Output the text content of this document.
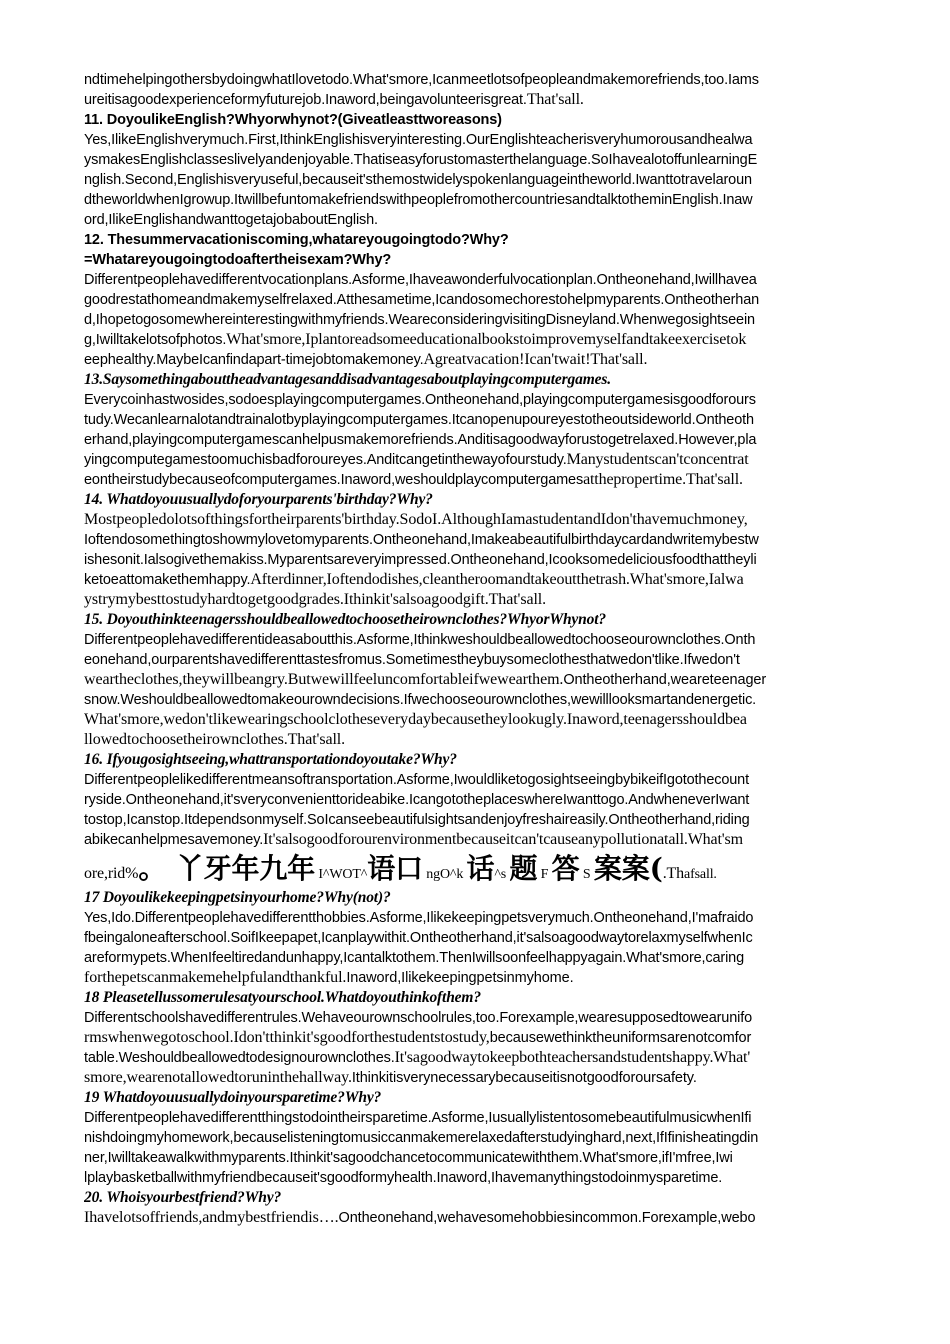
ndtimehelpingothersbydoingwhatIlovetodo.What'smore,Icanmeetlotsofpeopleandmakemorefriends,too.Iams
ureitisagoodexperienceformyfuturejob.Inaword,beingavolunteerisgreat.That'sall.
11. DoyoulikeEnglish?Whyorwhynot?(Giveatleasttworeasons)
Yes,IlikeEnglishverymuch.First,IthinkEnglishisveryinteresting.OurEnglishteacherisveryhumorousandhealwa
ysmakesEnglishclasseslivelyandenjoyable.Thatiseasyforustomasterthelanguage.SoIhavealotoffunlearningE
nglish.Second,Englishisveryuseful,becauseit'sthemostwidelyspokenlanguageintheworld.Iwanttotravelaroun
dtheworldwhenIgrowup.ItwillbefuntomakefriendswithpeoplefromothercountriesandtalktotheminEnglish.Inaw
ord,IlikeEnglishandwanttogetajobaboutEnglish.
12. Thesummervacationiscoming,whatareyougoingtodo?Why?
=Whatareyougoingtodoaftertheisexam?Why?
Differentpeoplehavedifferentvocationplans.Asforme,Ihaveawonderfulvocationplan.Ontheonehand,Iwillhavea
goodrestathomeandmakemyselfrelaxed.Atthesametime,Icandosomechorestohelpmyparents.Ontheotherhan
d,Ihopetogosomewhereinterestingwithmyfriends.WeareconsideringvisitingDisneyland.Whenwegosightseein
g,Iwilltakelotsofphotos.What'smore,Iplantoreadsomeeducationalbookstoimprovemyselfandtakeexercisetok
eephealthy.MaybeIcanfindapart-timejobtomakemoney.Agreatvacation!Ican'twait!That'sall.
13.Saysomethingabouttheadvantagesanddisadvantagesaboutplayingcomputergames.
Everycoinhastwosides,sodoesplayingcomputergames.Ontheonehand,playingcomputergamesisgoodforours
tudy.Wecanlearnalotandtrainalotbyplayingcomputergames.Itcanopenupoureyestotheoutsideworld.Ontheoth
erhand,playingcomputergamescanhelpusmakemorefriends.Anditisagoodwayforustogetrelaxed.However,pla
yingcomputegamestoomuchisbadforoureyes.Anditcangetinthewayofourstudy.Manystudentscan'tconcentrat
eontheirstudybecauseofcomputergames.Inaword,weshouldplaycomputergamesatthepropertime.That'sall.
14. Whatdoyouusuallydoforyourparents'birthday?Why?
Mostpeopledolotsofthingsfortheirparents'birthday.SodoI.AlthoughIamastudentandIdon'thavemuchmoney,
Ioftendosomethingtoshowmylovetomyparents.Ontheonehand,Imakeabeautifulbirthdaycardandwritemybestw
ishesonit.Ialsogivethemakiss.Myparentsareveryimpressed.Ontheonehand,Icooksomedeliciousfoodthattheyli
ketoeattomakethemhappy.Afterdinner,Ioftendodishes,cleantheroomandtakeoutthetrash.What'smore,Ialwa
ystrymybesttostudyhardtogetgoodgrades.Ithinkit'salsoagoodgift.That'sall.
15. Doyouthinkteenagersshouldbeallowedtochoosetheirownclothes?WhyorWhynot?
Differentpeoplehavedifferentideasaboutthis.Asforme,Ithinkweshouldbeallowedtochooseourownclothes.Onth
eonehand,ourparentshavedifferenttastesfromus.Sometimestheybuysomeclothesthatwedon'tlike.Ifwedon't
weartheclothes,theywillbeangry.Butwewillfeeluncomfortableifwewearthem.Ontheotherhand,weareteenager
snow.Weshouldbeallowedtomakeourowndecisions.Ifwechooseourownclothes,wewilllooksmartandenergetic.
What'smore,wedon'tlikewearingschoolclotheseverydaybecausetheylookugly.Inaword,teenagersshouldbea
llowedtochoosetheirownclothes.That'sall.
16. Ifyougosightseeing,whattransportationdoyoutake?Why?
Differentpeoplelikedifferentmeansoftransportation.Asforme,IwouldliketogosightseeingbybikeifIgotothecount
ryside.Ontheonehand,it'sveryconvenienttorideabike.IcangototheplaceswhereIwanttogo.AndwheneverIwant
tostop,Icanstop.Itdependsonmyself.SoIcanseebeautifulsightsandenjoyfreshaireasily.Ontheotherhand,riding
abikecanhelpmesavemoney.It'salsogoodforourenvironmentbecauseitcan'tcauseanypollutionatall.What'sm
ore,rid%。 丫牙年九年 I^WOT^语口 ngO^k 话^s 题 F 答 S 案案(.Thafsall.
17 Doyoulikekeepingpetsinyourhome?Why(not)?
Yes,Ido.Differentpeoplehavedifferentthobbies.Asforme,Ilikekeepingpetsverymuch.Ontheonehand,I'mafraido
fbeingaloneafterschool.SoifIkeepapet,Icanplaywithit.Ontheotherhand,it'salsoagoodwaytorelaxmyselfwhenIc
areformypets.WhenIfeeltiredandunhappy,Icantalktothem.ThenIwillsoonfeelhappyagain.What'smore,caring
forthepetscanmakemehelpfulandthankful.Inaword,Ilikekeepingpetsinmyhome.
18 Pleasetellussomerulesatyourschool.Whatdoyouthinkofthem?
Differentschoolshavedifferentrules.Wehaveourownschoolrules,too.Forexample,wearesupposedtowearunifo
rmswhenwegotoschool.Idon'tthinkit'sgoodforthestudentstostudy,becausewethinktheuniformsarenotcomfor
table.Weshouldbeallowedtodesignourownclothes.It'sagoodwaytokeepbothteachersandstudentshappy.What'
smore,wearenotallowedtoruninthehallway.Ithinkitisverynecessarybecauseitisnotgoodforoursafety.
19 Whatdoyouusuallydoinyoursparetime?Why?
Differentpeoplehavedifferentthingstodointheirsparetime.Asforme,IusuallylistentosomebeautifulmusicwhenIfi
nishdoingmyhomework,becauselisteningtomusiccanmakemerelaxedafterstudyinghard,next,IfIfinisheatingdin
ner,Iwilltakeawalkwithmyparents.Ithinkit'sagoodchancetocommunicatewiththem.What'smore,ifI'mfree,Iwi
lplaybasketballwithmyfriendbecauseit'sgoodformyhealth.Inaword,Ihavemanythingstodoinmysparetime.
20. Whoisyourbestfriend?Why?
Ihavelotsoffriends,andmybestfriendis….Ontheonehand,wehavesomehobbiesincommon.Forexample,webo
